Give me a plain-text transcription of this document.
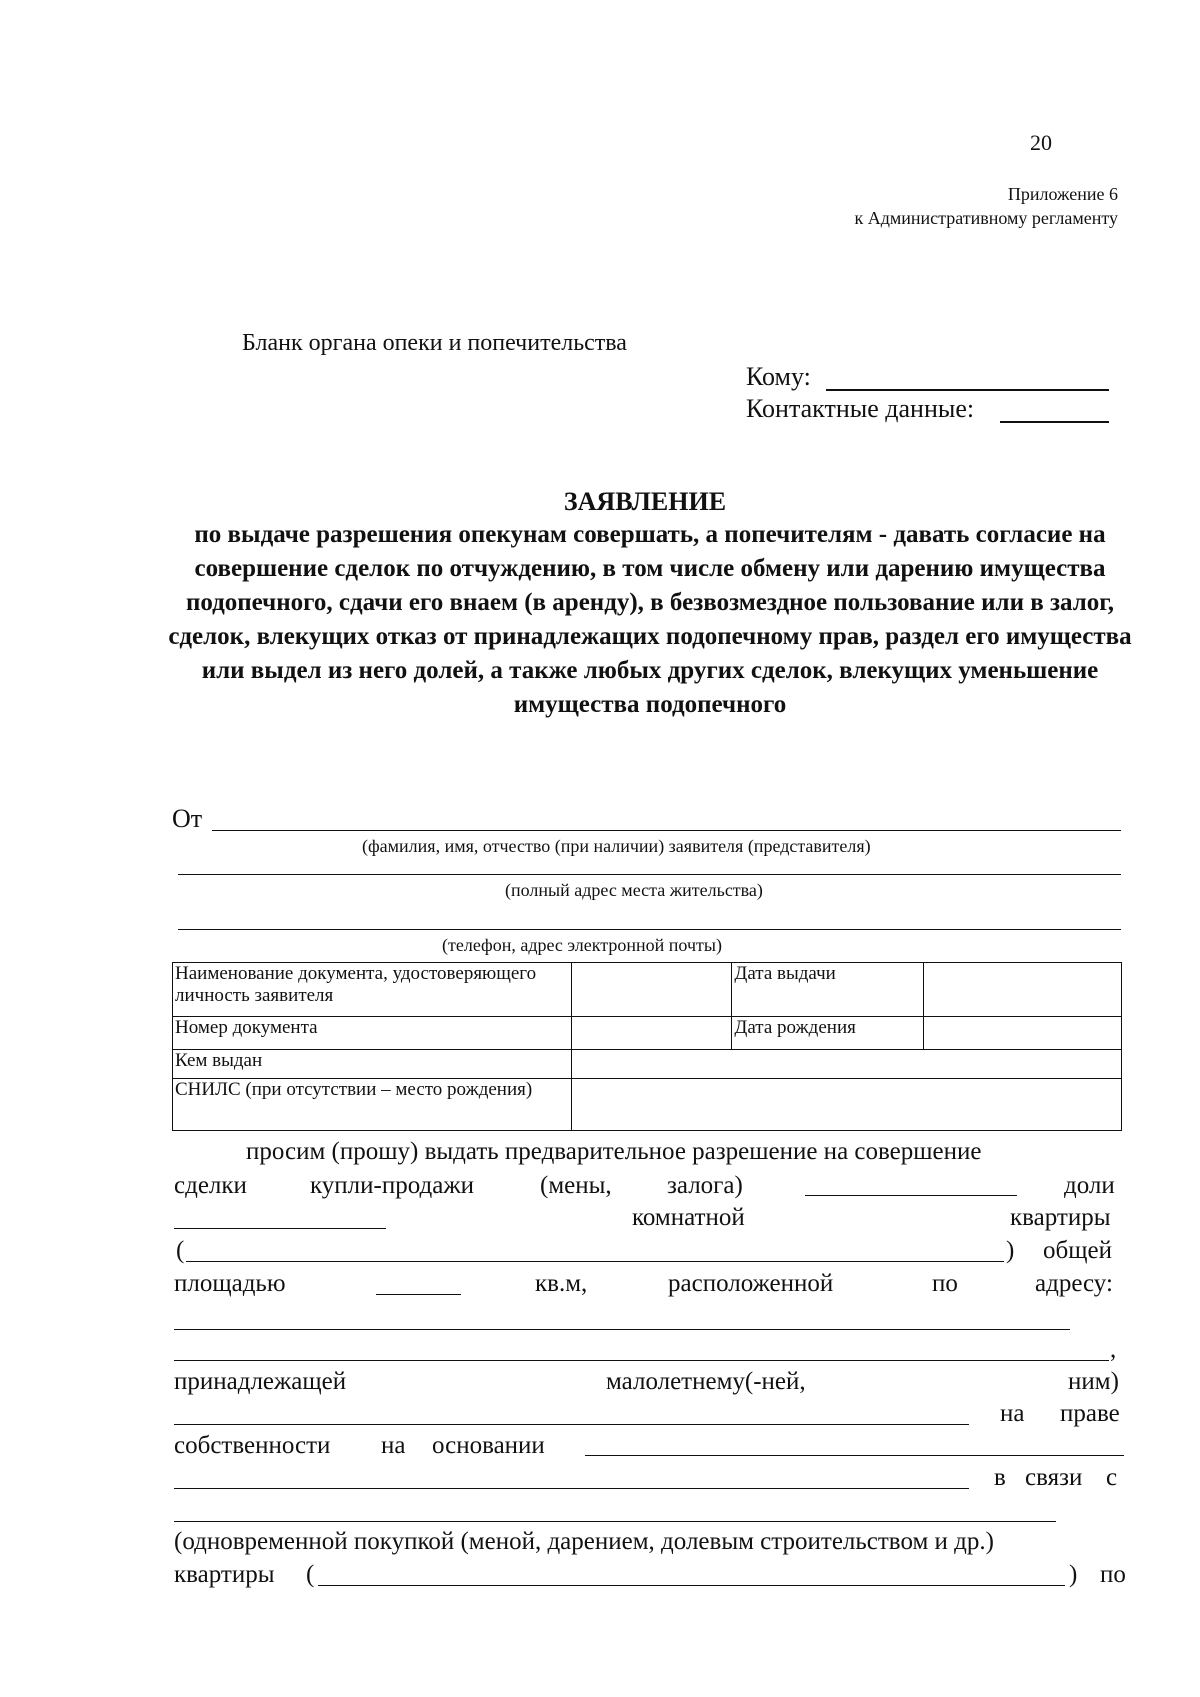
20
Приложение 6
к Административному регламенту
Бланк органа опеки и попечительства
Кому:
Контактные данные:
ЗАЯВЛЕНИЕ
по выдаче разрешения опекунам совершать, а попечителям - давать согласие на совершение сделок по отчуждению, в том числе обмену или дарению имущества подопечного, сдачи его внаем (в аренду), в безвозмездное пользование или в залог, сделок, влекущих отказ от принадлежащих подопечному прав, раздел его имущества или выдел из него долей, а также любых других сделок, влекущих уменьшение имущества подопечного
От
(фамилия, имя, отчество (при наличии) заявителя (представителя)
(полный адрес места жительства)
(телефон, адрес электронной почты)
Наименование документа, удостоверяющего личность заявителя		Дата выдачи	
Номер документа		Дата рождения	
Кем выдан			
СНИЛС (при отсутствии – место рождения)			
просим (прошу) выдать предварительное разрешение на совершение
сделки	купли-продажи	(мены, залога)	доли
комнатной	квартиры
(	) общей
площадью	кв.м,	расположенной	по	адресу:
,
принадлежащей	малолетнему(-ней,	ним)
на праве
собственности на основании
в связи с
(одновременной покупкой (меной, дарением, долевым строительством и др.)
квартиры (	) по
